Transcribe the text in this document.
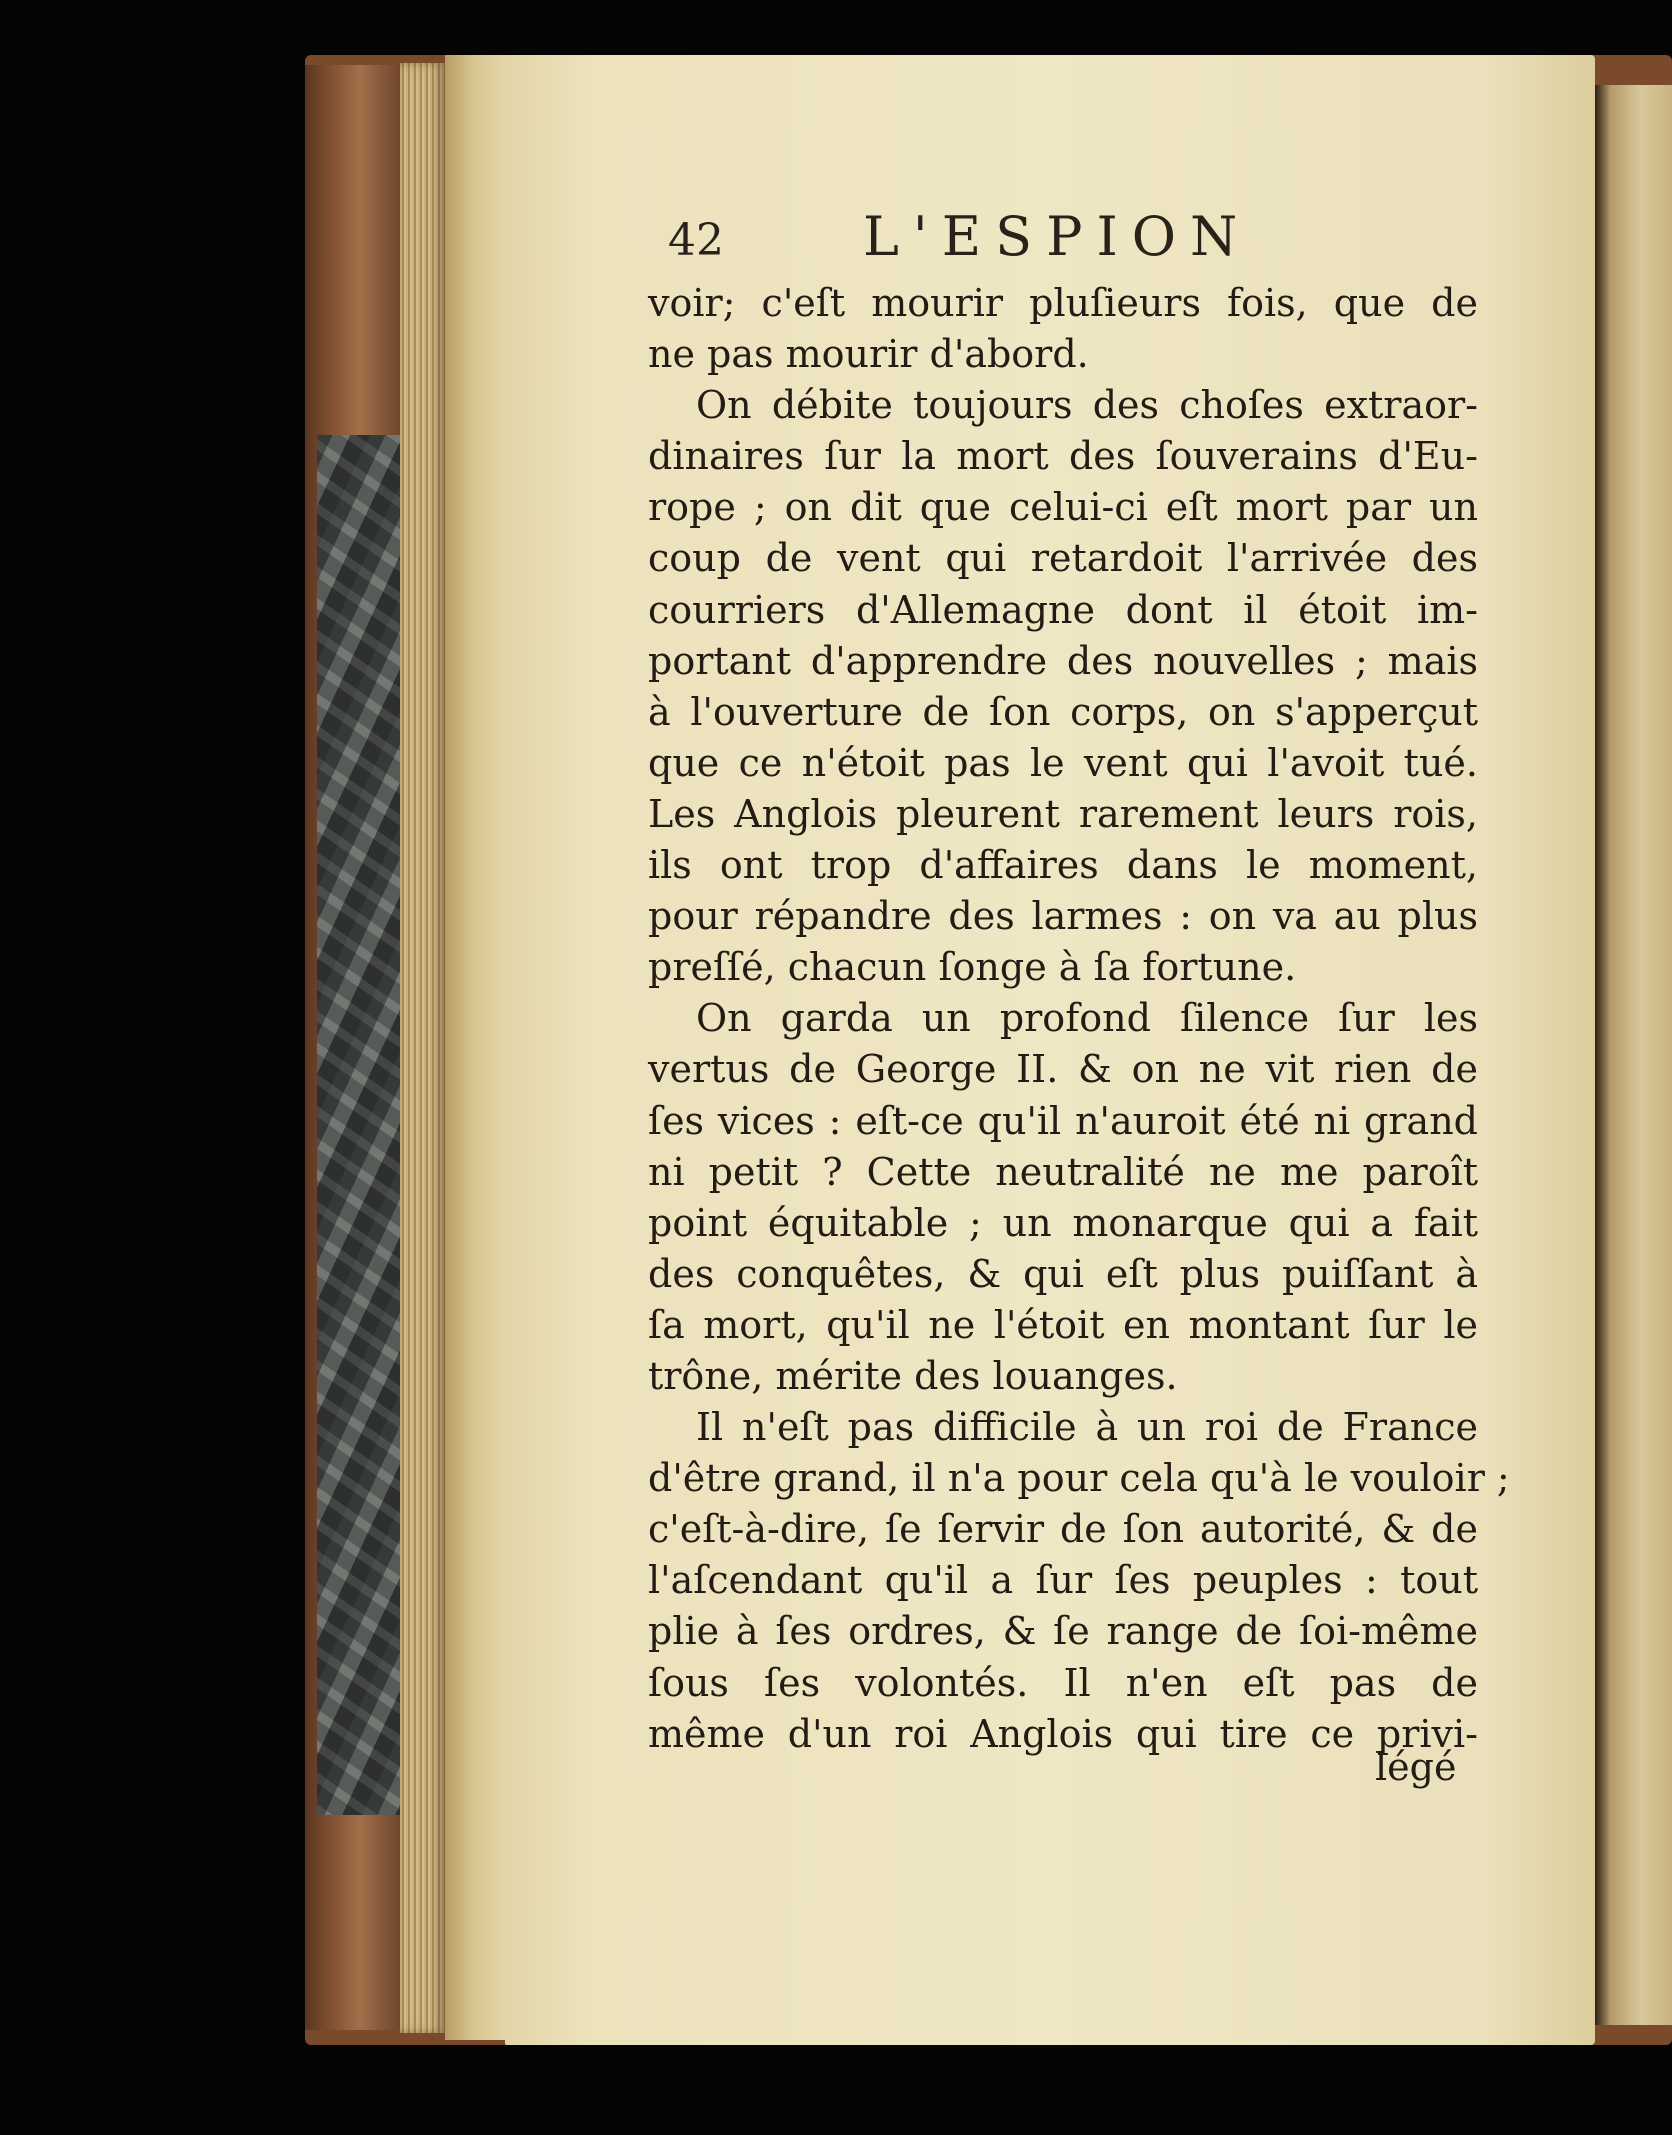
42	L'ESPION
voir; c'eſt mourir pluſieurs fois, que de
ne pas mourir d'abord.
On débite toujours des choſes extraor-
dinaires ſur la mort des ſouverains d'Eu-
rope ; on dit que celui-ci eſt mort par un
coup de vent qui retardoit l'arrivée des
courriers d'Allemagne dont il étoit im-
portant d'apprendre des nouvelles ; mais
à l'ouverture de ſon corps, on s'apperçut
que ce n'étoit pas le vent qui l'avoit tué.
Les Anglois pleurent rarement leurs rois,
ils ont trop d'affaires dans le moment,
pour répandre des larmes : on va au plus
preſſé, chacun ſonge à ſa fortune.
On garda un profond ſilence ſur les
vertus de George II. & on ne vit rien de
ſes vices : eſt-ce qu'il n'auroit été ni grand
ni petit ? Cette neutralité ne me paroît
point équitable ; un monarque qui a fait
des conquêtes, & qui eſt plus puiſſant à
ſa mort, qu'il ne l'étoit en montant ſur le
trône, mérite des louanges.
Il n'eſt pas difficile à un roi de France
d'être grand, il n'a pour cela qu'à le vouloir ;
c'eſt-à-dire, ſe ſervir de ſon autorité, & de
l'aſcendant qu'il a ſur ſes peuples : tout
plie à ſes ordres, & ſe range de ſoi-même
ſous ſes volontés. Il n'en eſt pas de
même d'un roi Anglois qui tire ce privi-
légé
